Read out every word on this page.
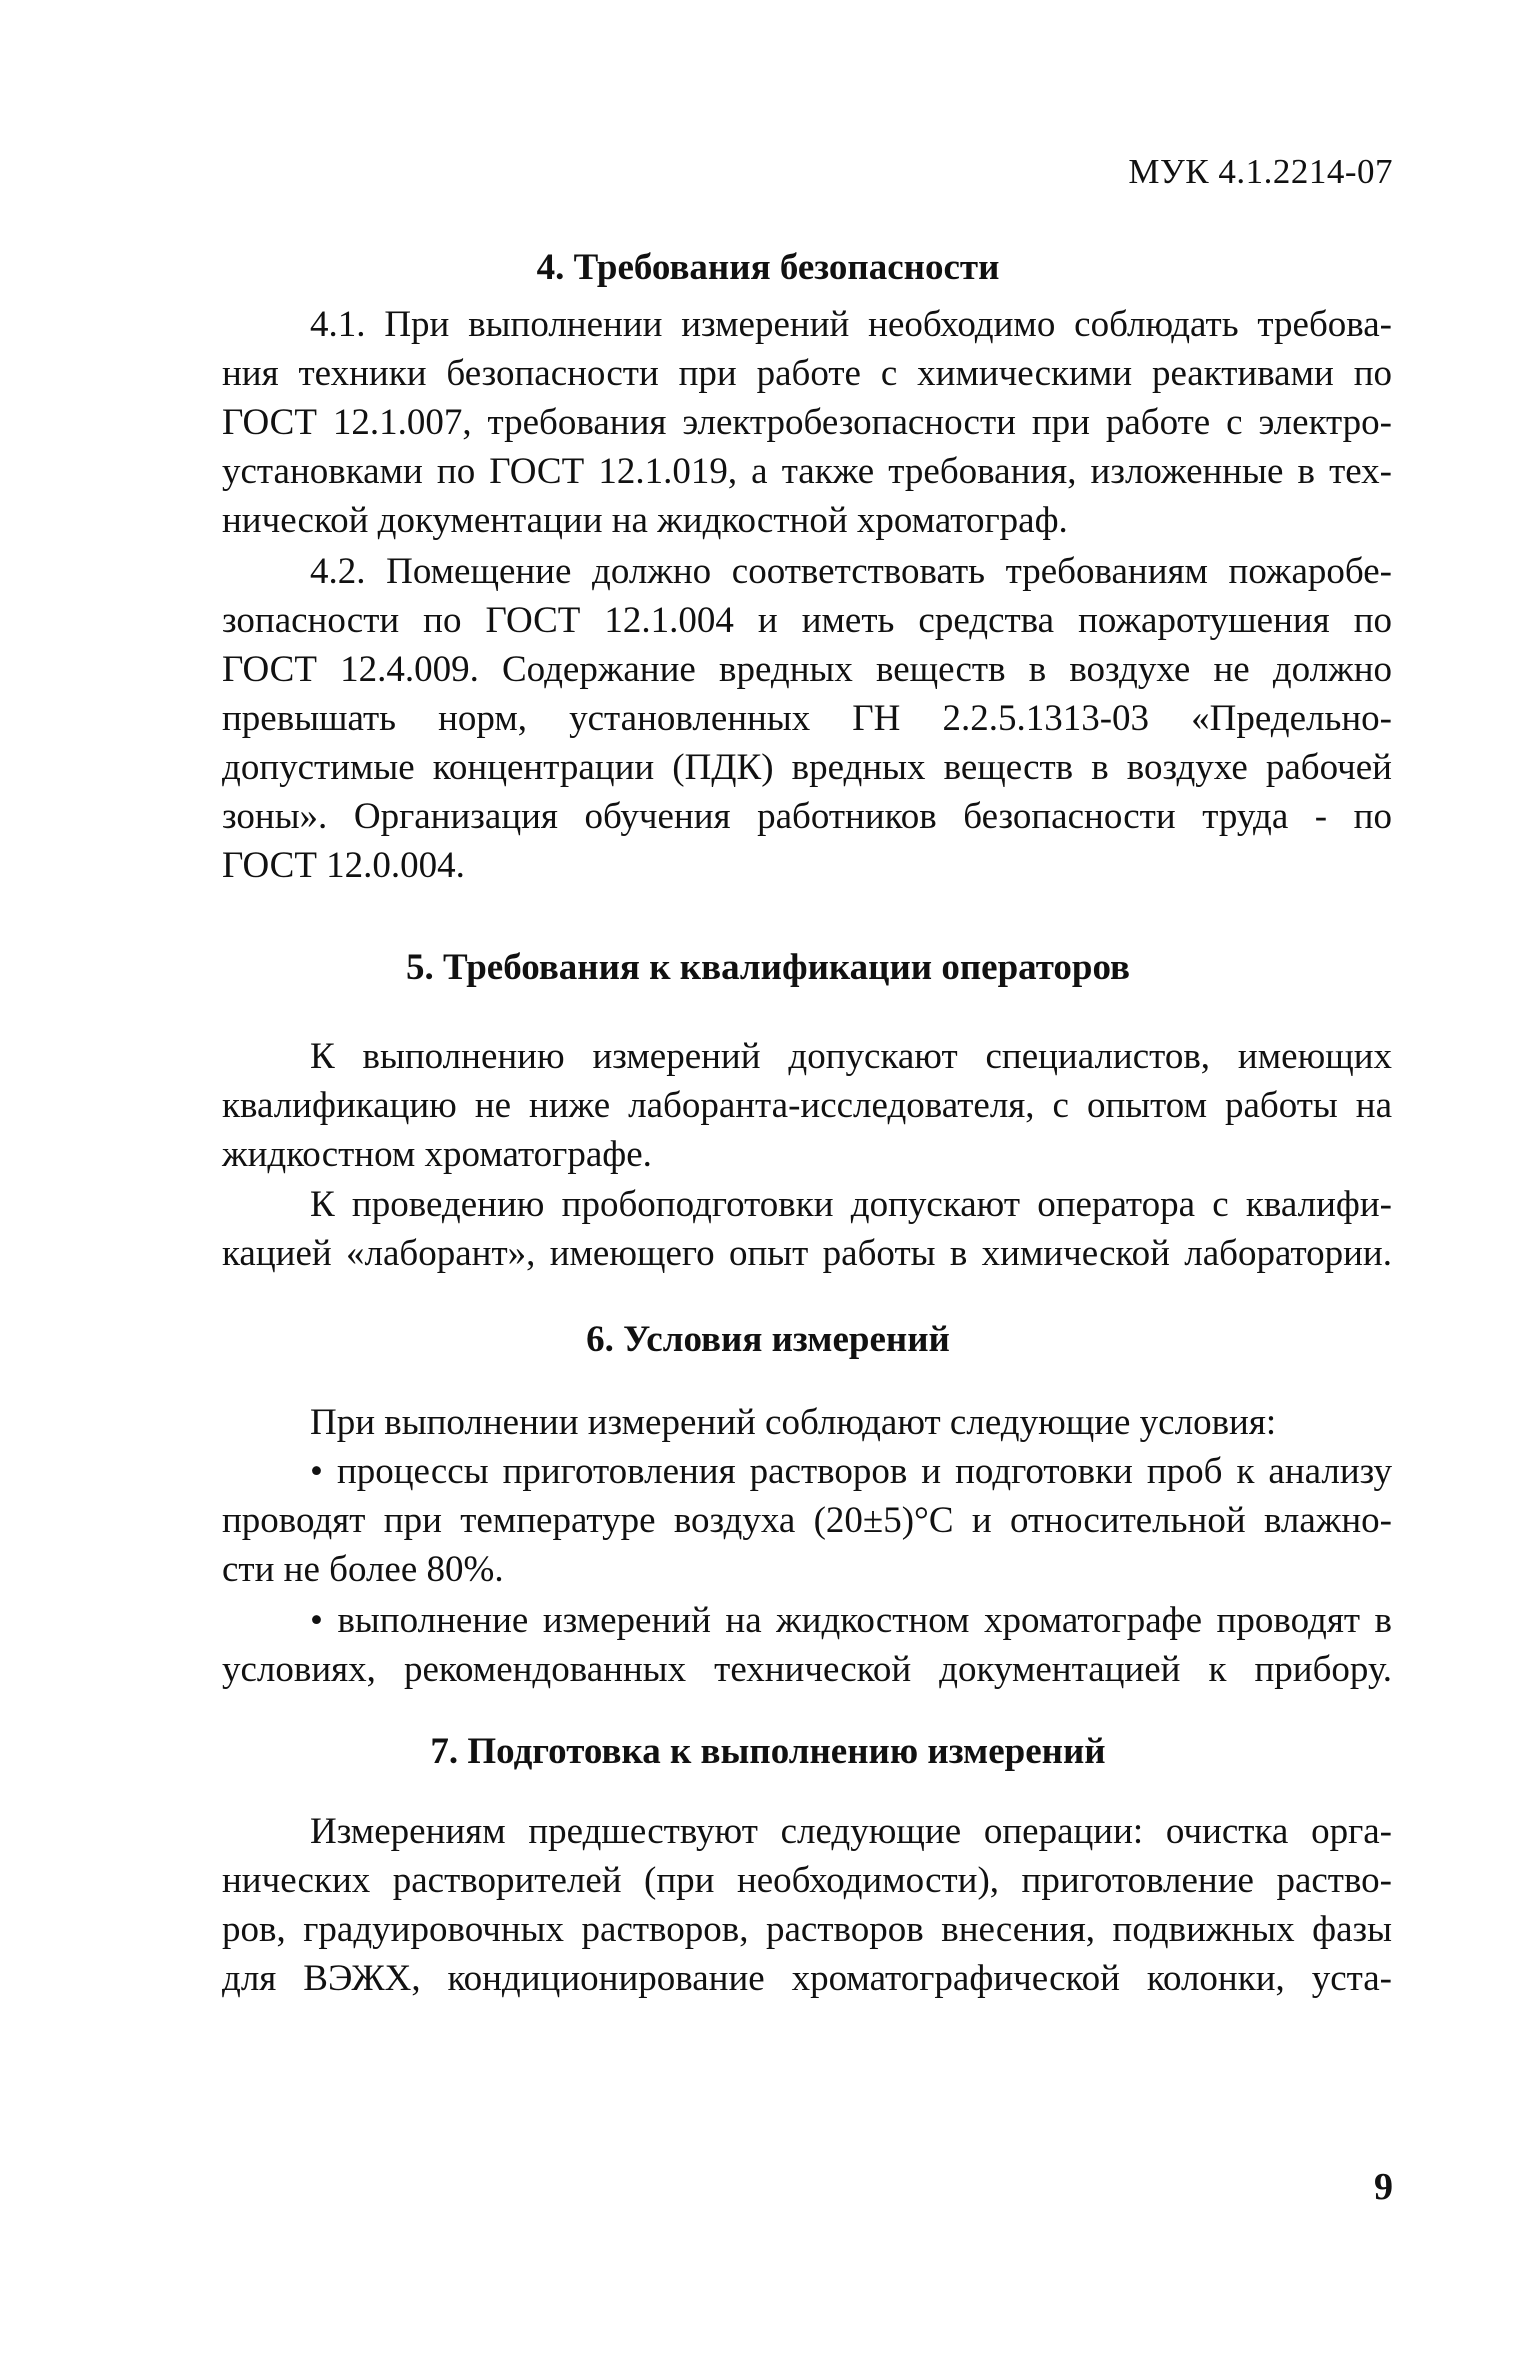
МУК 4.1.2214-07
4. Требования безопасности
4.1. При выполнении измерений необходимо соблюдать требова-
ния техники безопасности при работе с химическими реактивами по
ГОСТ 12.1.007, требования электробезопасности при работе с электро-
установками по ГОСТ 12.1.019, а также требования, изложенные в тех-
нической документации на жидкостной хроматограф.
4.2. Помещение должно соответствовать требованиям пожаробе-
зопасности по ГОСТ 12.1.004 и иметь средства пожаротушения по
ГОСТ 12.4.009. Содержание вредных веществ в воздухе не должно
превышать норм, установленных ГН 2.2.5.1313-03 «Предельно-
допустимые концентрации (ПДК) вредных веществ в воздухе рабочей
зоны». Организация обучения работников безопасности труда - по
ГОСТ 12.0.004.
5. Требования к квалификации операторов
К выполнению измерений допускают специалистов, имеющих
квалификацию не ниже лаборанта-исследователя, с опытом работы на
жидкостном хроматографе.
К проведению пробоподготовки допускают оператора с квалифи-
кацией «лаборант», имеющего опыт работы в химической лаборатории.
6. Условия измерений
При выполнении измерений соблюдают следующие условия:
• процессы приготовления растворов и подготовки проб к анализу
проводят при температуре воздуха (20±5)°С и относительной влажно-
сти не более 80%.
• выполнение измерений на жидкостном хроматографе проводят в
условиях, рекомендованных технической документацией к прибору.
7. Подготовка к выполнению измерений
Измерениям предшествуют следующие операции: очистка орга-
нических растворителей (при необходимости), приготовление раство-
ров, градуировочных растворов, растворов внесения, подвижных фазы
для ВЭЖХ, кондиционирование хроматографической колонки, уста-
9
